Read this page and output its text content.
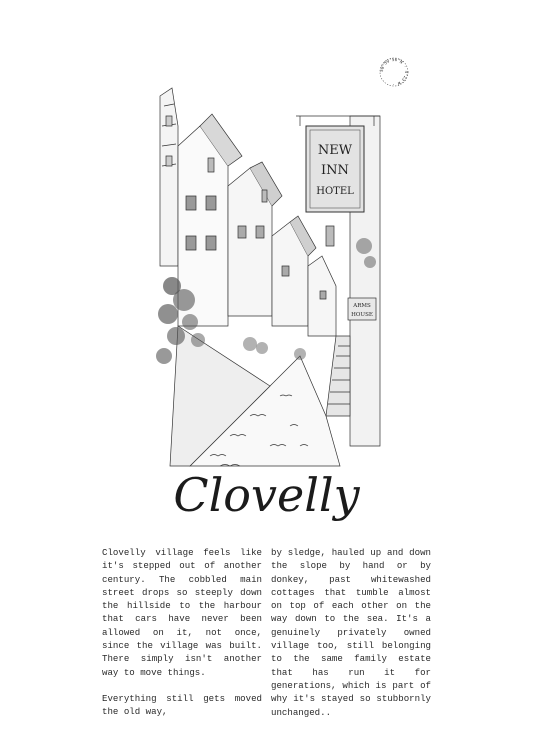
50°59'56"N · 4°23'W ·
NEW
INN
HOTEL
ARMS
HOUSE
Clovelly

Clovelly village feels like it's stepped out of another century. The cobbled main street drops so steeply down the hillside to the harbour that cars have never been allowed on it, not once, since the village was built. There simply isn't another way to move things.

Everything still gets moved the old way,

by sledge, hauled up and down the slope by hand or by donkey, past whitewashed cottages that tumble almost on top of each other on the way down to the sea. It's a genuinely privately owned village too, still belonging to the same family estate that has run it for generations, which is part of why it's stayed so stubbornly unchanged..
